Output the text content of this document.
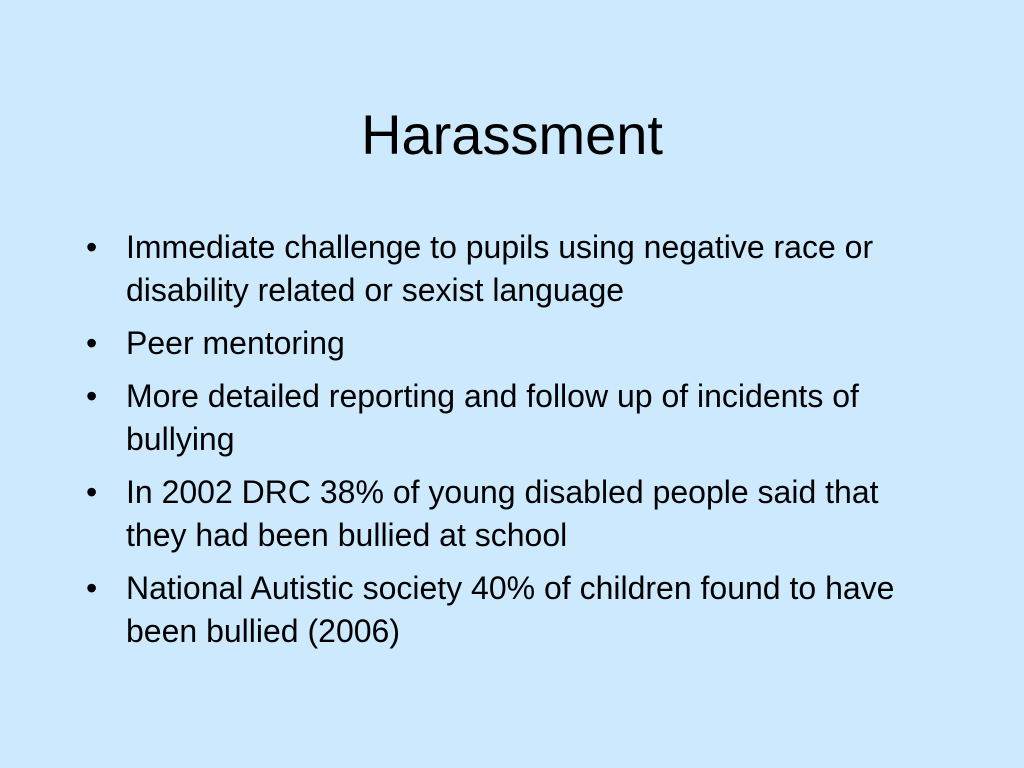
Harassment
• Immediate challenge to pupils using negative race or disability related or sexist language
• Peer mentoring
• More detailed reporting and follow up of incidents of bullying
• In 2002 DRC 38% of young disabled people said that they had been bullied at school
• National Autistic society 40% of children found to have been bullied (2006)
